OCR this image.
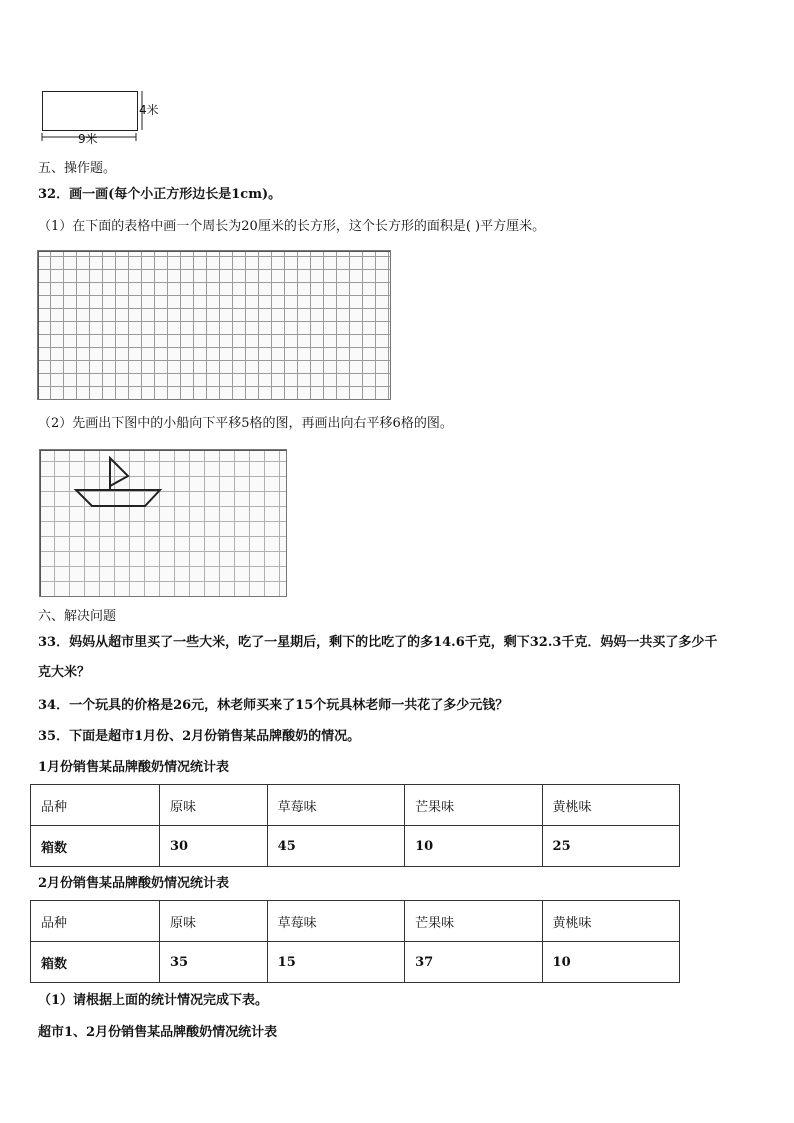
9米
4米
五、操作题。
32．画一画(每个小正方形边长是1cm)。
（1）在下面的表格中画一个周长为20厘米的长方形，这个长方形的面积是( )平方厘米。
（2）先画出下图中的小船向下平移5格的图，再画出向右平移6格的图。
六、解决问题
33．妈妈从超市里买了一些大米，吃了一星期后，剩下的比吃了的多14.6千克，剩下32.3千克．妈妈一共买了多少千
克大米？
34．一个玩具的价格是26元，林老师买来了15个玩具林老师一共花了多少元钱？
35．下面是超市1月份、2月份销售某品牌酸奶的情况。
1月份销售某品牌酸奶情况统计表
品种	原味	草莓味	芒果味	黄桃味
箱数	30	45	10	25
2月份销售某品牌酸奶情况统计表
品种	原味	草莓味	芒果味	黄桃味
箱数	35	15	37	10
（1）请根据上面的统计情况完成下表。
超市1、2月份销售某品牌酸奶情况统计表
